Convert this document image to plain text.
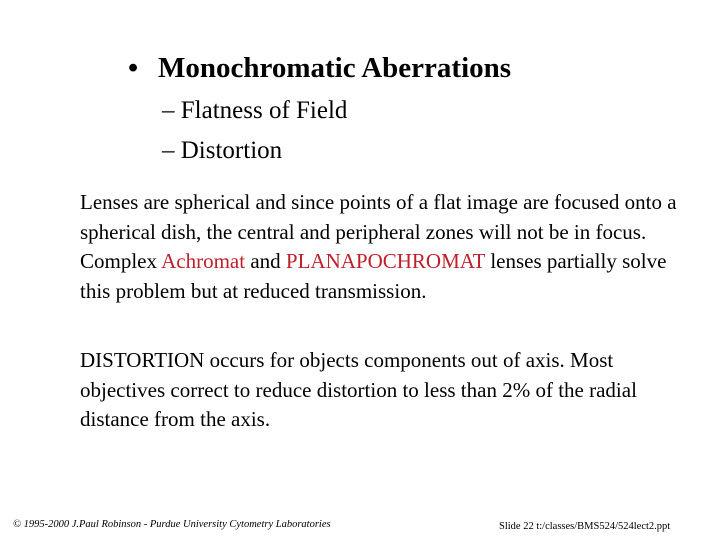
• Monochromatic Aberrations
– Flatness of Field
– Distortion
Lenses are spherical and since points of a flat image are focused onto a spherical dish, the central and peripheral zones will not be in focus. Complex Achromat and PLANAPOCHROMAT lenses partially solve this problem but at reduced transmission.
DISTORTION occurs for objects components out of axis. Most objectives correct to reduce distortion to less than 2% of the radial distance from the axis.
© 1995-2000 J.Paul Robinson - Purdue University Cytometry Laboratories	Slide 22 t:/classes/BMS524/524lect2.ppt
